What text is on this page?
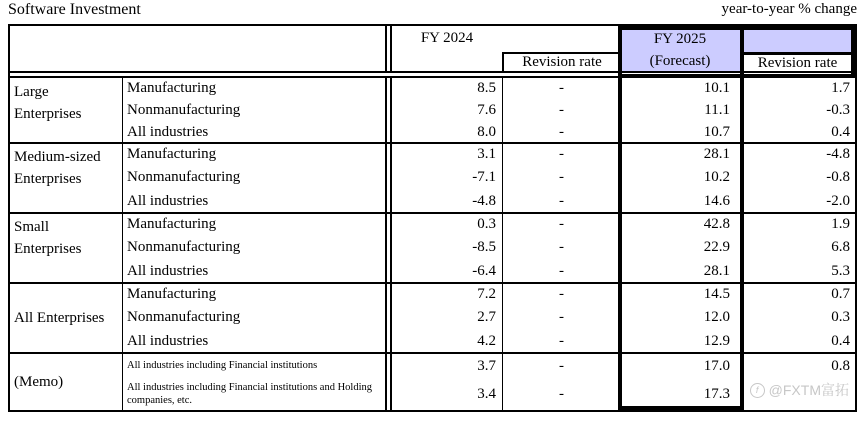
Software Investment	year-to-year % change
FY 2024
Revision rate
FY 2025
(Forecast)	Revision rate
Large Enterprises
Manufacturing
Nonmanufacturing
All industries
8.5
7.6
8.0
-
-
-
10.1
11.1
10.7
1.7
-0.3
0.4
Medium-sized Enterprises
Manufacturing
Nonmanufacturing
All industries
3.1
-7.1
-4.8
-
-
-
28.1
10.2
14.6
-4.8
-0.8
-2.0
Small Enterprises
Manufacturing
Nonmanufacturing
All industries
0.3
-8.5
-6.4
-
-
-
42.8
22.9
28.1
1.9
6.8
5.3
All Enterprises
Manufacturing
Nonmanufacturing
All industries
7.2
2.7
4.2
-
-
-
14.5
12.0
12.9
0.7
0.3
0.4
(Memo)
All industries including Financial institutions
All industries including Financial institutions and Holding companies, etc.
3.7
3.4
-
-
17.0
17.3
0.8
f @FXTM富拓
